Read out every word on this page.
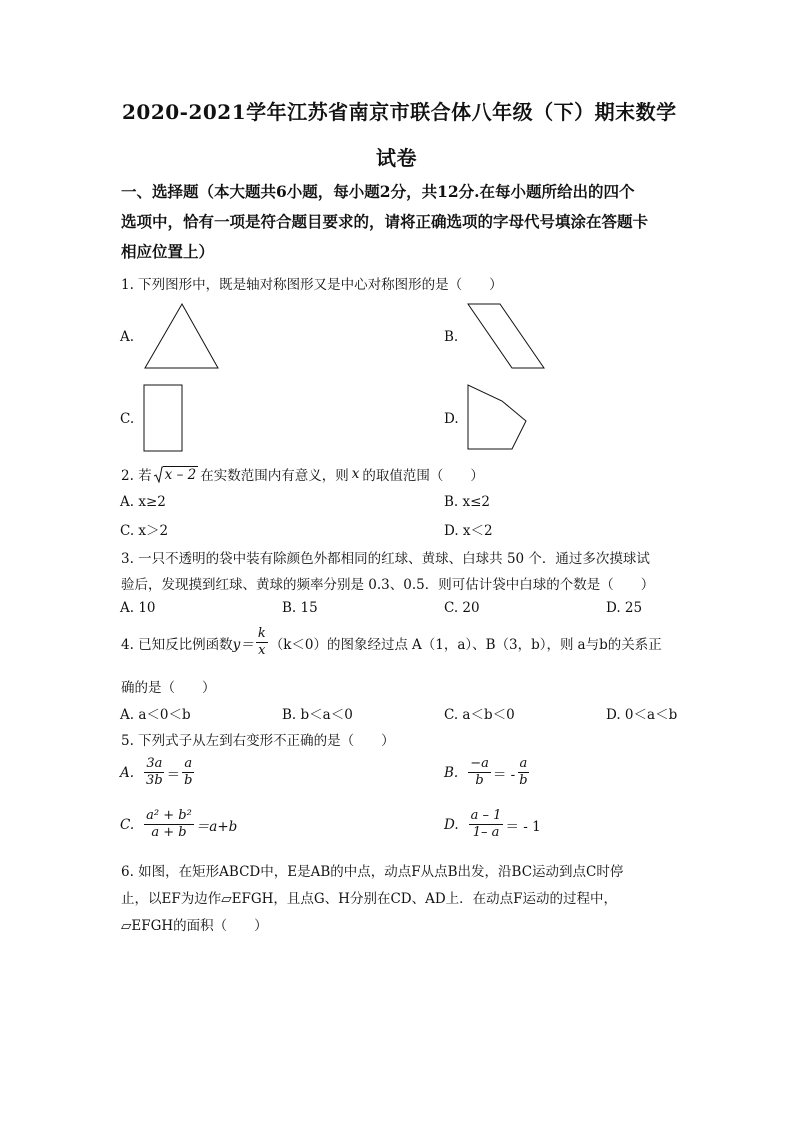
2020-2021学年江苏省南京市联合体八年级（下）期末数学
试卷
一、选择题（本大题共6小题，每小题2分，共12分.在每小题所给出的四个
选项中，恰有一项是符合题目要求的，请将正确选项的字母代号填涂在答题卡
相应位置上）
1. 下列图形中，既是轴对称图形又是中心对称图形的是（　　）
A.	B.
C.	D.
2. 若 x – 2 在实数范围内有意义，则 x 的取值范围（　　）
A. x≥2	B. x≤2
C. x＞2	D. x＜2
3. 一只不透明的袋中装有除颜色外都相同的红球、黄球、白球共 50 个．通过多次摸球试
验后，发现摸到红球、黄球的频率分别是 0.3、0.5．则可估计袋中白球的个数是（　　）
A. 10	B. 15	C. 20	D. 25
4. 已知反比例函数 $y= \frac{k}{x} (k<0)$的图象经过点 A（1，a）、B（3，b），则 a与b的关系正
确的是（　　）
A. a＜0＜b	B. b＜a＜0	C. a＜b＜0	D. 0＜a＜b
5. 下列式子从左到右变形不正确的是（　　）
A. $\frac{3a}{3b} = \frac{a}{b}$	B. $\frac{-a}{b}$ ＝ - $\frac{a}{b}$
C. $\frac{\text{a² + b²}}{a + b} =a+b$	D. $\frac{a - 1}{1- a}$ ＝ - 1
6. 如图，在矩形ABCD中，E是AB的中点，动点F从点B出发，沿BC运动到点C时停
止，以EF为边作▱EFGH，且点G、H分别在CD、AD上．在动点F运动的过程中，
▱EFGH的面积（　　）
